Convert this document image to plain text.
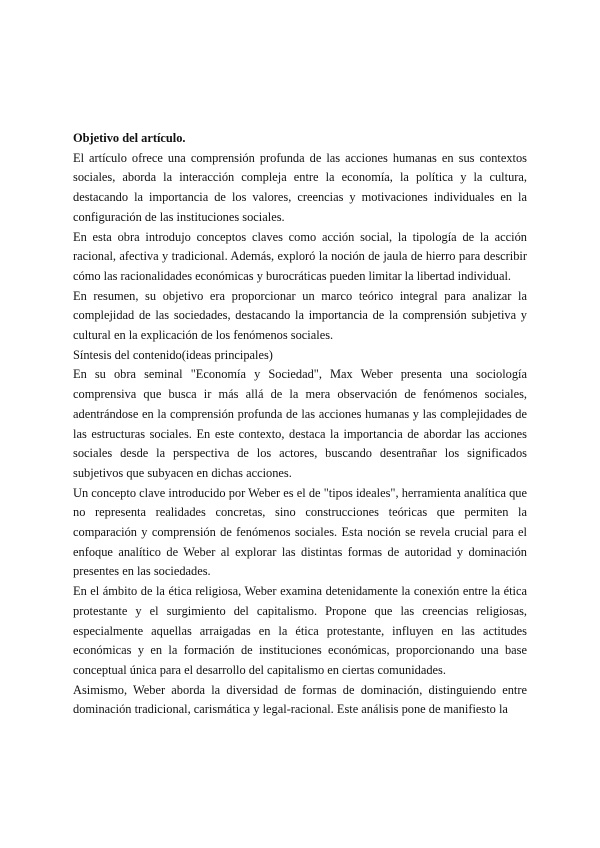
Objetivo del artículo.

El artículo ofrece una comprensión profunda de las acciones humanas en sus contextos sociales, aborda la interacción compleja entre la economía, la política y la cultura, destacando la importancia de los valores, creencias y motivaciones individuales en la configuración de las instituciones sociales.

En esta obra introdujo conceptos claves como acción social, la tipología de la acción racional, afectiva y tradicional. Además, exploró la noción de jaula de hierro para describir cómo las racionalidades económicas y burocráticas pueden limitar la libertad individual.

En resumen, su objetivo era proporcionar un marco teórico integral para analizar la complejidad de las sociedades, destacando la importancia de la comprensión subjetiva y cultural en la explicación de los fenómenos sociales.

Síntesis del contenido(ideas principales)

En su obra seminal "Economía y Sociedad", Max Weber presenta una sociología comprensiva que busca ir más allá de la mera observación de fenómenos sociales, adentrándose en la comprensión profunda de las acciones humanas y las complejidades de las estructuras sociales. En este contexto, destaca la importancia de abordar las acciones sociales desde la perspectiva de los actores, buscando desentrañar los significados subjetivos que subyacen en dichas acciones.

Un concepto clave introducido por Weber es el de "tipos ideales", herramienta analítica que no representa realidades concretas, sino construcciones teóricas que permiten la comparación y comprensión de fenómenos sociales. Esta noción se revela crucial para el enfoque analítico de Weber al explorar las distintas formas de autoridad y dominación presentes en las sociedades.

En el ámbito de la ética religiosa, Weber examina detenidamente la conexión entre la ética protestante y el surgimiento del capitalismo. Propone que las creencias religiosas, especialmente aquellas arraigadas en la ética protestante, influyen en las actitudes económicas y en la formación de instituciones económicas, proporcionando una base conceptual única para el desarrollo del capitalismo en ciertas comunidades.

Asimismo, Weber aborda la diversidad de formas de dominación, distinguiendo entre dominación tradicional, carismática y legal-racional. Este análisis pone de manifiesto la
